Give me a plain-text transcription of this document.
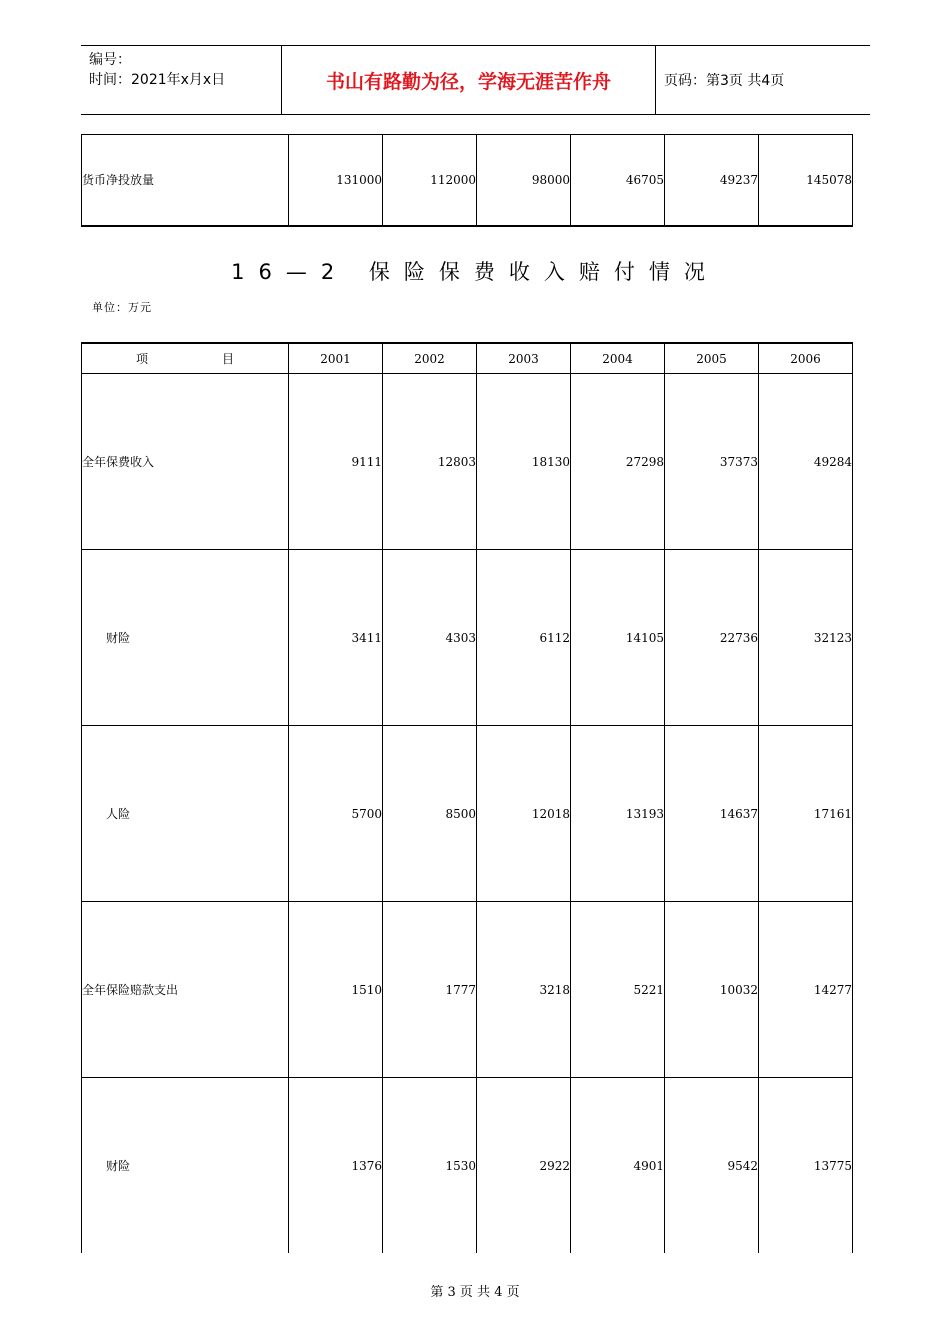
编号：
时间：2021年x月x日	书山有路勤为径，学海无涯苦作舟	页码：第3页 共4页
货币净投放量	131000	112000	98000	46705	49237	145078
16—2 保险保费收入赔付情况
单位：万元
项 目	2001	2002	2003	2004	2005	2006
全年保费收入	9111	12803	18130	27298	37373	49284
财险	3411	4303	6112	14105	22736	32123
人险	5700	8500	12018	13193	14637	17161
全年保险赔款支出	1510	1777	3218	5221	10032	14277
财险	1376	1530	2922	4901	9542	13775
第 3 页 共 4 页
